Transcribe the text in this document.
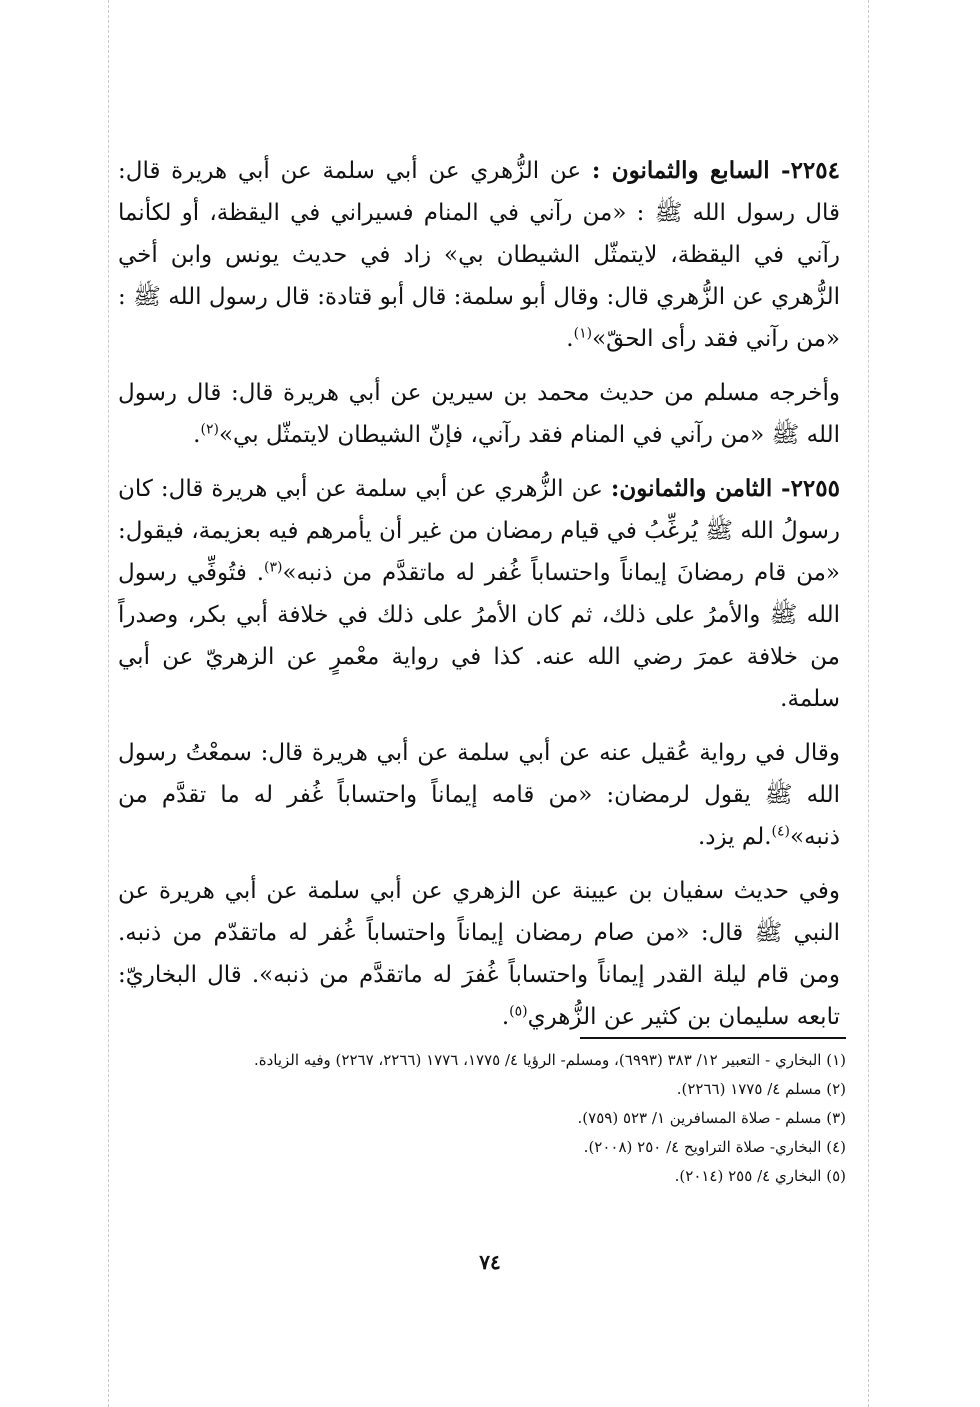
٢٢٥٤- السابع والثمانون : عن الزُّهري عن أبي سلمة عن أبي هريرة قال: قال رسول الله ﷺ : «من رآني في المنام فسيراني في اليقظة، أو لكأنما رآني في اليقظة، لايتمثّل الشيطان بي» زاد في حديث يونس وابن أخي الزُّهري عن الزُّهري قال: وقال أبو سلمة: قال أبو قتادة: قال رسول الله ﷺ : «من رآني فقد رأى الحقّ»$^{(١)}$.

وأخرجه مسلم من حديث محمد بن سيرين عن أبي هريرة قال: قال رسول الله ﷺ «من رآني في المنام فقد رآني، فإنّ الشيطان لايتمثّل بي»$^{(٢)}$.

٢٢٥٥- الثامن والثمانون: عن الزُّهري عن أبي سلمة عن أبي هريرة قال: كان رسولُ الله ﷺ يُرغِّبُ في قيام رمضان من غير أن يأمرهم فيه بعزيمة، فيقول: «من قام رمضانَ إيماناً واحتساباً غُفر له ماتقدَّم من ذنبه»$^{(٣)}$. فتُوفِّي رسول الله ﷺ والأمرُ على ذلك، ثم كان الأمرُ على ذلك في خلافة أبي بكر، وصدراً من خلافة عمرَ رضي الله عنه. كذا في رواية معْمرٍ عن الزهريّ عن أبي سلمة.

وقال في رواية عُقيل عنه عن أبي سلمة عن أبي هريرة قال: سمعْتُ رسول الله ﷺ يقول لرمضان: «من قامه إيماناً واحتساباً غُفر له ما تقدَّم من ذنبه»$^{(٤)}$.لم يزد.

وفي حديث سفيان بن عيينة عن الزهري عن أبي سلمة عن أبي هريرة عن النبي ﷺ قال: «من صام رمضان إيماناً واحتساباً غُفر له ماتقدّم من ذنبه. ومن قام ليلة القدر إيماناً واحتساباً غُفرَ له ماتقدَّم من ذنبه». قال البخاريّ: تابعه سليمان بن كثير عن الزُّهري$^{(٥)}$.

(١) البخاري - التعبير ١٢/ ٣٨٣ (٦٩٩٣)، ومسلم- الرؤيا ٤/ ١٧٧٥، ١٧٧٦ (٢٢٦٦، ٢٢٦٧) وفيه الزيادة.

(٢) مسلم ٤/ ١٧٧٥ (٢٢٦٦).

(٣) مسلم - صلاة المسافرين ١/ ٥٢٣ (٧٥٩).

(٤) البخاري- صلاة التراويح ٤/ ٢٥٠ (٢٠٠٨).

(٥) البخاري ٤/ ٢٥٥ (٢٠١٤).

٧٤
